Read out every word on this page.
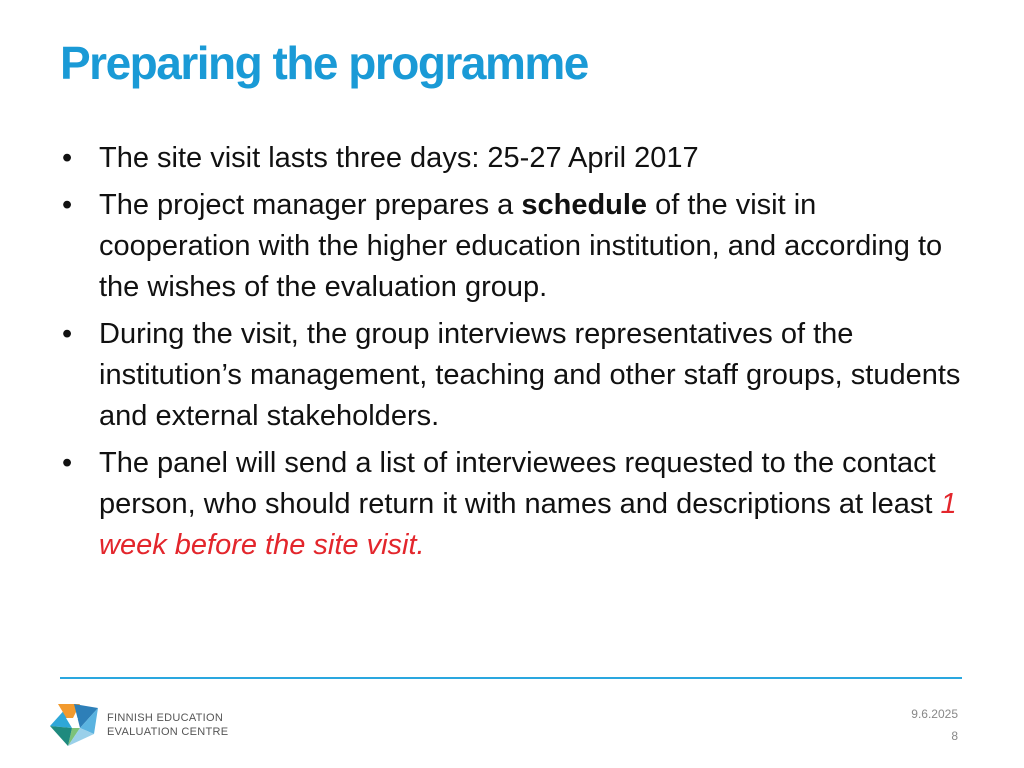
Preparing the programme
• The site visit lasts three days: 25-27 April 2017
• The project manager prepares a schedule of the visit in cooperation with the higher education institution, and according to the wishes of the evaluation group.
• During the visit, the group interviews representatives of the institution’s management, teaching and other staff groups, students and external stakeholders.
• The panel will send a list of interviewees requested to the contact person, who should return it with names and descriptions at least 1 week before the site visit.
FINNISH EDUCATION
EVALUATION CENTRE
9.6.2025
8
